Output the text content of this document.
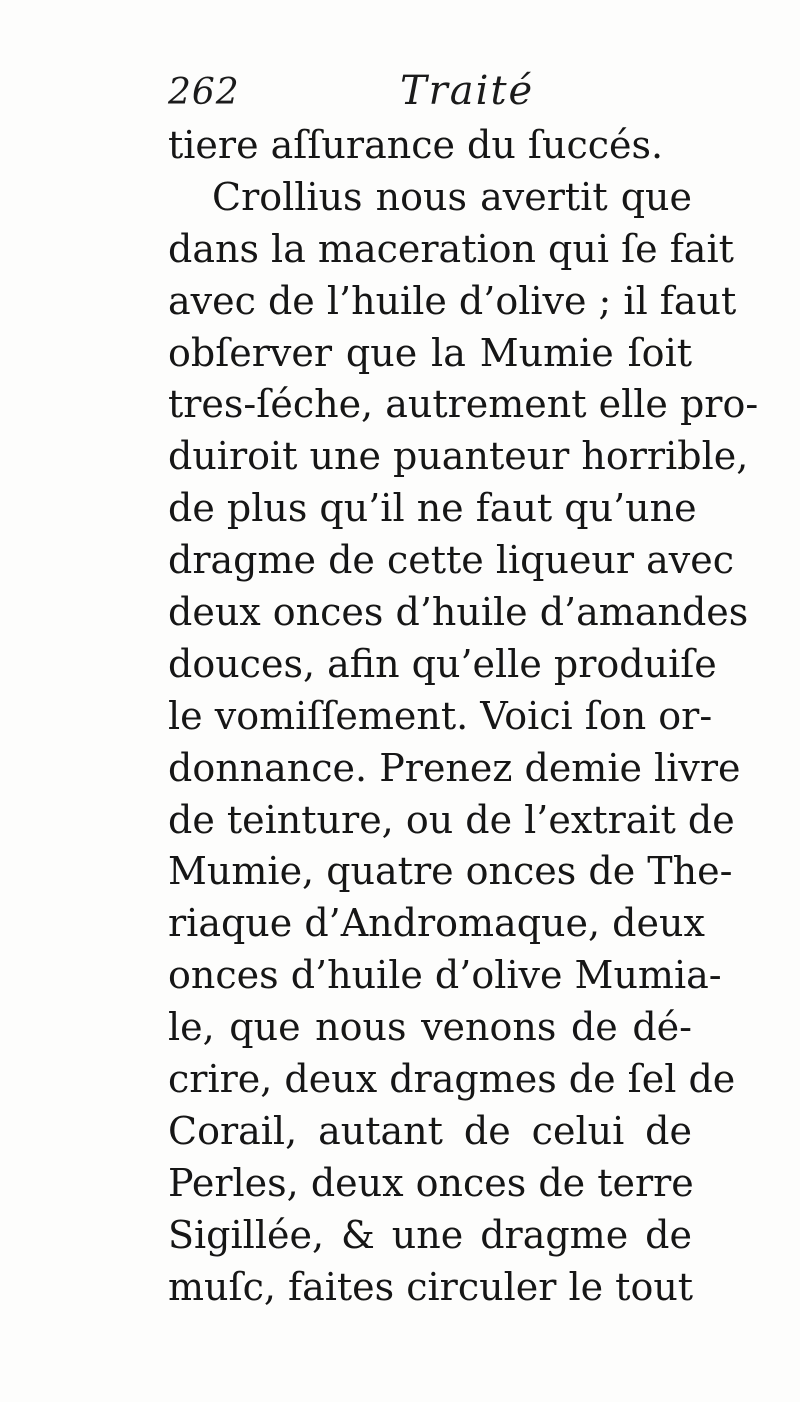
262	Traité
tiere aſſurance du ſuccés.
Crollius nous avertit que
dans la maceration qui ſe fait
avec de l’huile d’olive ; il faut
obſerver que la Mumie ſoit
tres-ſéche, autrement elle pro-
duiroit une puanteur horrible,
de plus qu’il ne faut qu’une
dragme de cette liqueur avec
deux onces d’huile d’amandes
douces, afin qu’elle produiſe
le vomiſſement. Voici ſon or-
donnance. Prenez demie livre
de teinture, ou de l’extrait de
Mumie, quatre onces de The-
riaque d’Andromaque, deux
onces d’huile d’olive Mumia-
le, que nous venons de dé-
crire, deux dragmes de ſel de
Corail, autant de celui de
Perles, deux onces de terre
Sigillée, & une dragme de
muſc, faites circuler le tout
